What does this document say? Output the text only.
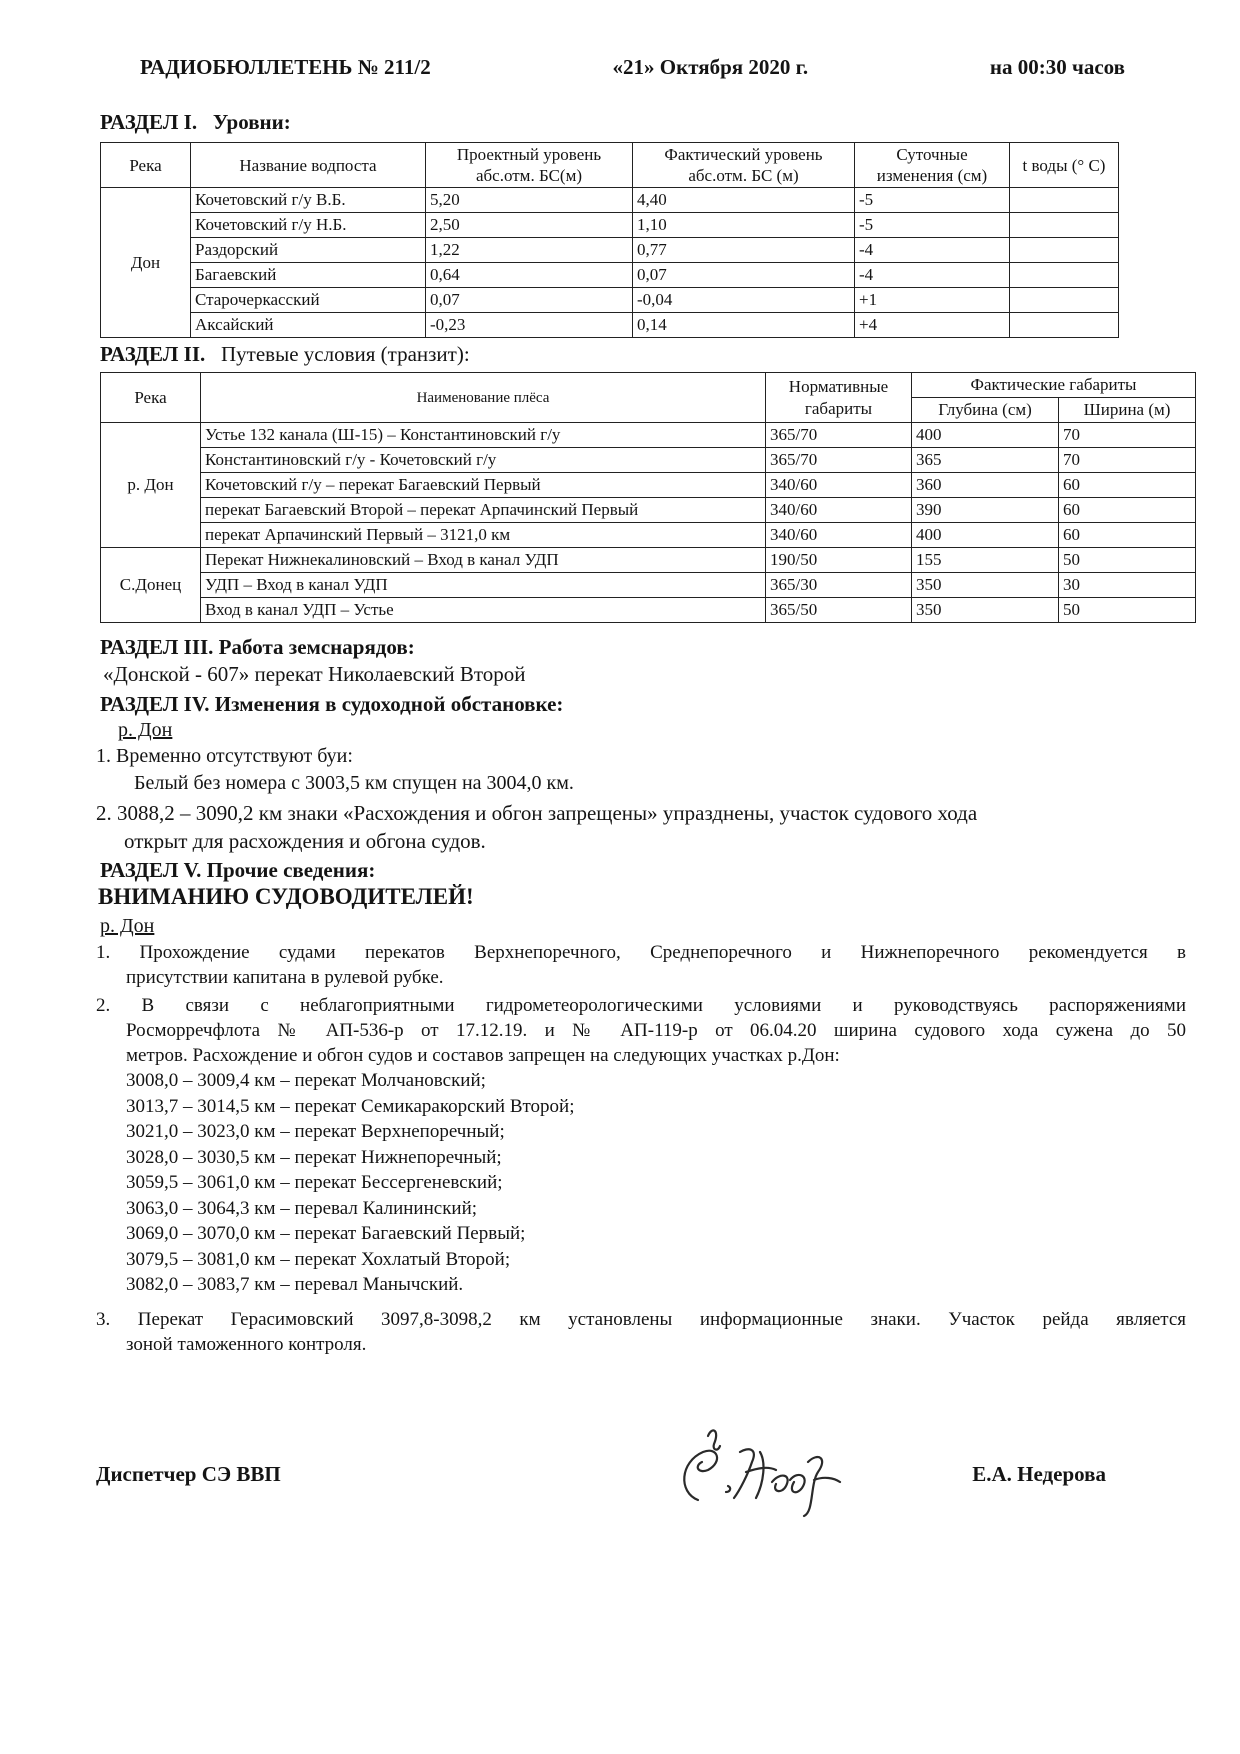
РАДИОБЮЛЛЕТЕНЬ № 211/2	«21» Октября 2020 г.	на 00:30 часов
РАЗДЕЛ I. Уровни:
Река	Название водпоста	Проектный уровень абс.отм. БС(м)	Фактический уровень абс.отм. БС (м)	Суточные изменения (см)	t воды (° С)
Дон	Кочетовский г/у В.Б.	5,20	4,40	-5	
	Кочетовский г/у Н.Б.	2,50	1,10	-5	
	Раздорский	1,22	0,77	-4	
	Багаевский	0,64	0,07	-4	
	Старочеркасский	0,07	-0,04	+1	
	Аксайский	-0,23	0,14	+4	
РАЗДЕЛ II. Путевые условия (транзит):
Река	Наименование плёса	Нормативные габариты	Фактические габариты	
			Глубина (см)	Ширина (м)
р. Дон	Устье 132 канала (Ш-15) – Константиновский г/у	365/70	400	70
	Константиновский г/у - Кочетовский г/у	365/70	365	70
	Кочетовский г/у – перекат Багаевский Первый	340/60	360	60
	перекат Багаевский Второй – перекат Арпачинский Первый	340/60	390	60
	перекат Арпачинский Первый – 3121,0 км	340/60	400	60
С.Донец	Перекат Нижнекалиновский – Вход в канал УДП	190/50	155	50
	УДП – Вход в канал УДП	365/30	350	30
	Вход в канал УДП – Устье	365/50	350	50
РАЗДЕЛ III. Работа земснарядов:
«Донской - 607» перекат Николаевский Второй
РАЗДЕЛ IV. Изменения в судоходной обстановке:
р. Дон
1. Временно отсутствуют буи:
Белый без номера с 3003,5 км спущен на 3004,0 км.
2. 3088,2 – 3090,2 км знаки «Расхождения и обгон запрещены» упразднены, участок судового хода
открыт для расхождения и обгона судов.
РАЗДЕЛ V. Прочие сведения:
ВНИМАНИЮ СУДОВОДИТЕЛЕЙ!
р. Дон
1. Прохождение судами перекатов Верхнепоречного, Среднепоречного и Нижнепоречного рекомендуется в
присутствии капитана в рулевой рубке.
2. В связи с неблагоприятными гидрометеорологическими условиями и руководствуясь распоряжениями
Росморречфлота № АП-536-р от 17.12.19. и № АП-119-р от 06.04.20 ширина судового хода сужена до 50
метров. Расхождение и обгон судов и составов запрещен на следующих участках р.Дон:
3008,0 – 3009,4 км – перекат Молчановский;
3013,7 – 3014,5 км – перекат Семикаракорский Второй;
3021,0 – 3023,0 км – перекат Верхнепоречный;
3028,0 – 3030,5 км – перекат Нижнепоречный;
3059,5 – 3061,0 км – перекат Бессергеневский;
3063,0 – 3064,3 км – перевал Калининский;
3069,0 – 3070,0 км – перекат Багаевский Первый;
3079,5 – 3081,0 км – перекат Хохлатый Второй;
3082,0 – 3083,7 км – перевал Манычский.
3. Перекат Герасимовский 3097,8-3098,2 км установлены информационные знаки. Участок рейда является
зоной таможенного контроля.
Диспетчер СЭ ВВП	Е.А. Недерова
